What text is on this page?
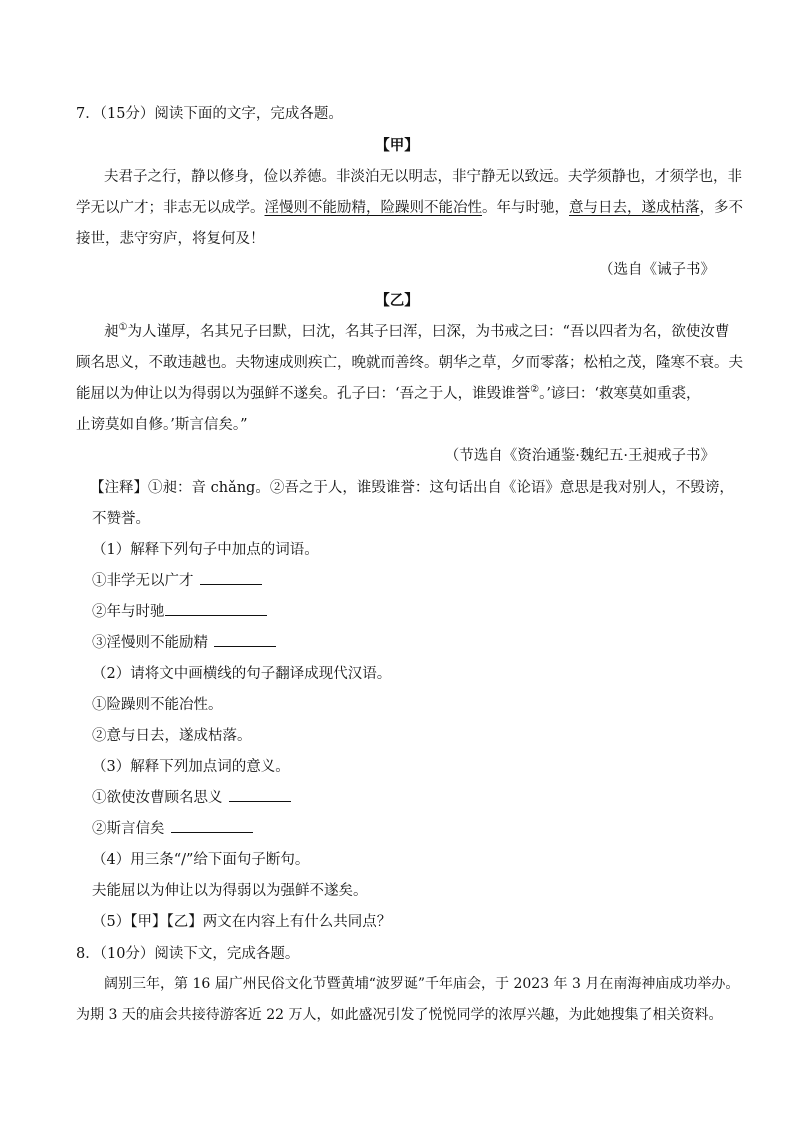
7．（15分）阅读下面的文字，完成各题。
【甲】
夫君子之行，静以修身，俭以养德。非淡泊无以明志，非宁静无以致远。夫学须静也，才须学也，非
学无以广才；非志无以成学。淫慢则不能励精，险躁则不能冶性。年与时驰，意与日去，遂成枯落，多不
接世，悲守穷庐，将复何及！
（选自《诫子书》
【乙】
昶①为人谨厚，名其兄子曰默，曰沈，名其子曰浑，曰深，为书戒之曰：“吾以四者为名，欲使汝曹
顾名思义，不敢违越也。夫物速成则疾亡，晚就而善终。朝华之草，夕而零落；松柏之茂，隆寒不衰。夫
能屈以为伸让以为得弱以为强鲜不遂矣。孔子曰：‘吾之于人，谁毁谁誉②。’谚曰：‘救寒莫如重裘，
止谤莫如自修。’斯言信矣。”
（节选自《资治通鉴·魏纪五·王昶戒子书》
【注释】①昶：音 chǎng。②吾之于人，谁毁谁誉：这句话出自《论语》意思是我对别人，不毁谤，
不赞誉。
（1）解释下列句子中加点的词语。
①非学无以广才
②年与时驰
③淫慢则不能励精
（2）请将文中画横线的句子翻译成现代汉语。
①险躁则不能冶性。
②意与日去，遂成枯落。
（3）解释下列加点词的意义。
①欲使汝曹顾名思义
②斯言信矣
（4）用三条“/”给下面句子断句。
夫能屈以为伸让以为得弱以为强鲜不遂矣。
（5）【甲】【乙】两文在内容上有什么共同点？
8．（10分）阅读下文，完成各题。
阔别三年，第 16 届广州民俗文化节暨黄埔“波罗诞”千年庙会，于 2023 年 3 月在南海神庙成功举办。
为期 3 天的庙会共接待游客近 22 万人，如此盛况引发了悦悦同学的浓厚兴趣，为此她搜集了相关资料。
